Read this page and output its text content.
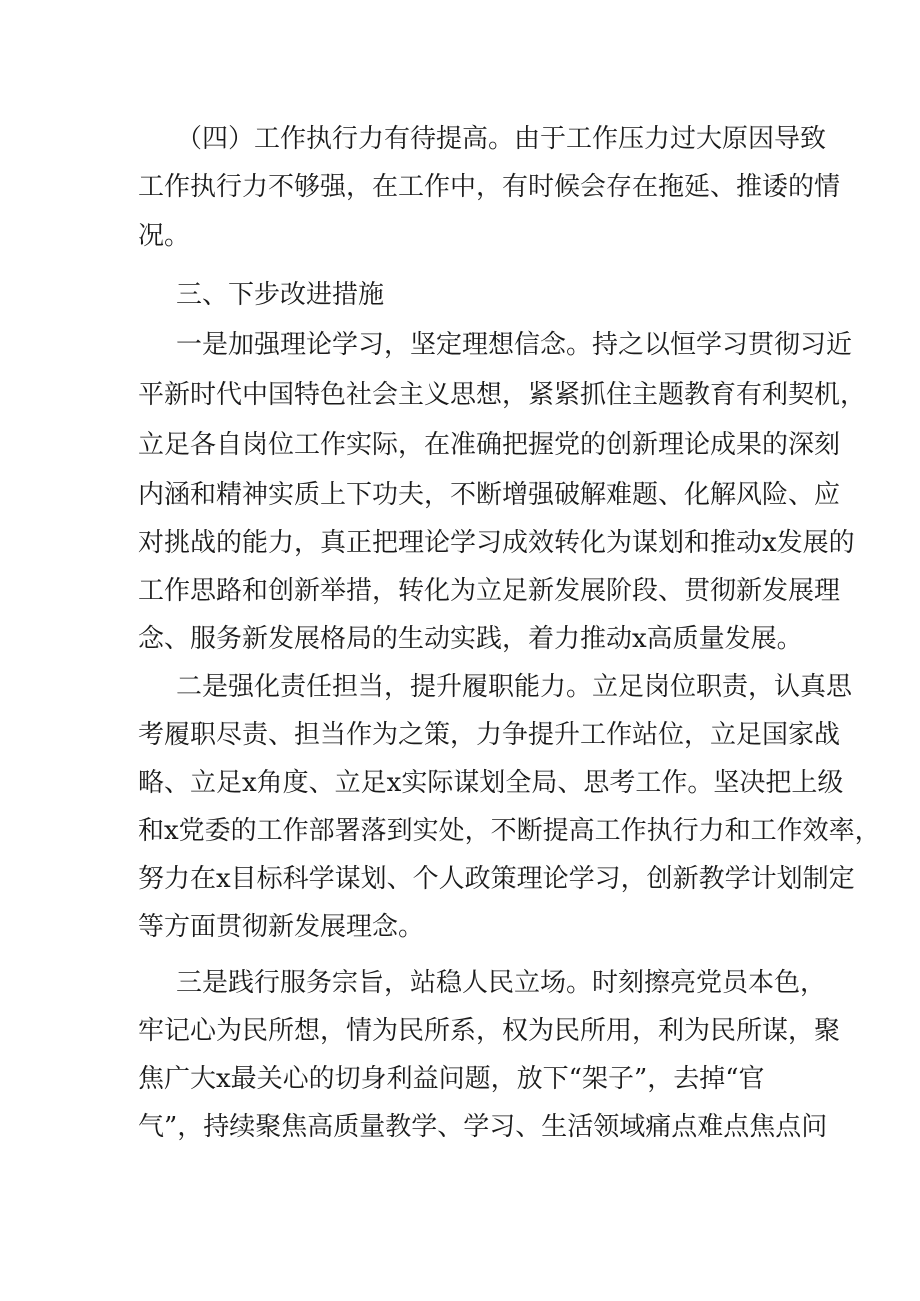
（四）工作执行力有待提高。由于工作压力过大原因导致

工作执行力不够强，在工作中，有时候会存在拖延、推诿的情

况。

三、下步改进措施

一是加强理论学习，坚定理想信念。持之以恒学习贯彻习近

平新时代中国特色社会主义思想，紧紧抓住主题教育有利契机，

立足各自岗位工作实际，在准确把握党的创新理论成果的深刻

内涵和精神实质上下功夫，不断增强破解难题、化解风险、应

对挑战的能力，真正把理论学习成效转化为谋划和推动x发展的

工作思路和创新举措，转化为立足新发展阶段、贯彻新发展理

念、服务新发展格局的生动实践，着力推动x高质量发展。

二是强化责任担当，提升履职能力。立足岗位职责，认真思

考履职尽责、担当作为之策，力争提升工作站位，立足国家战

略、立足x角度、立足x实际谋划全局、思考工作。坚决把上级

和x党委的工作部署落到实处，不断提高工作执行力和工作效率，

努力在x目标科学谋划、个人政策理论学习，创新教学计划制定

等方面贯彻新发展理念。

三是践行服务宗旨，站稳人民立场。时刻擦亮党员本色，

牢记心为民所想，情为民所系，权为民所用，利为民所谋，聚

焦广大x最关心的切身利益问题，放下“架子”，去掉“官

气”，持续聚焦高质量教学、学习、生活领域痛点难点焦点问
